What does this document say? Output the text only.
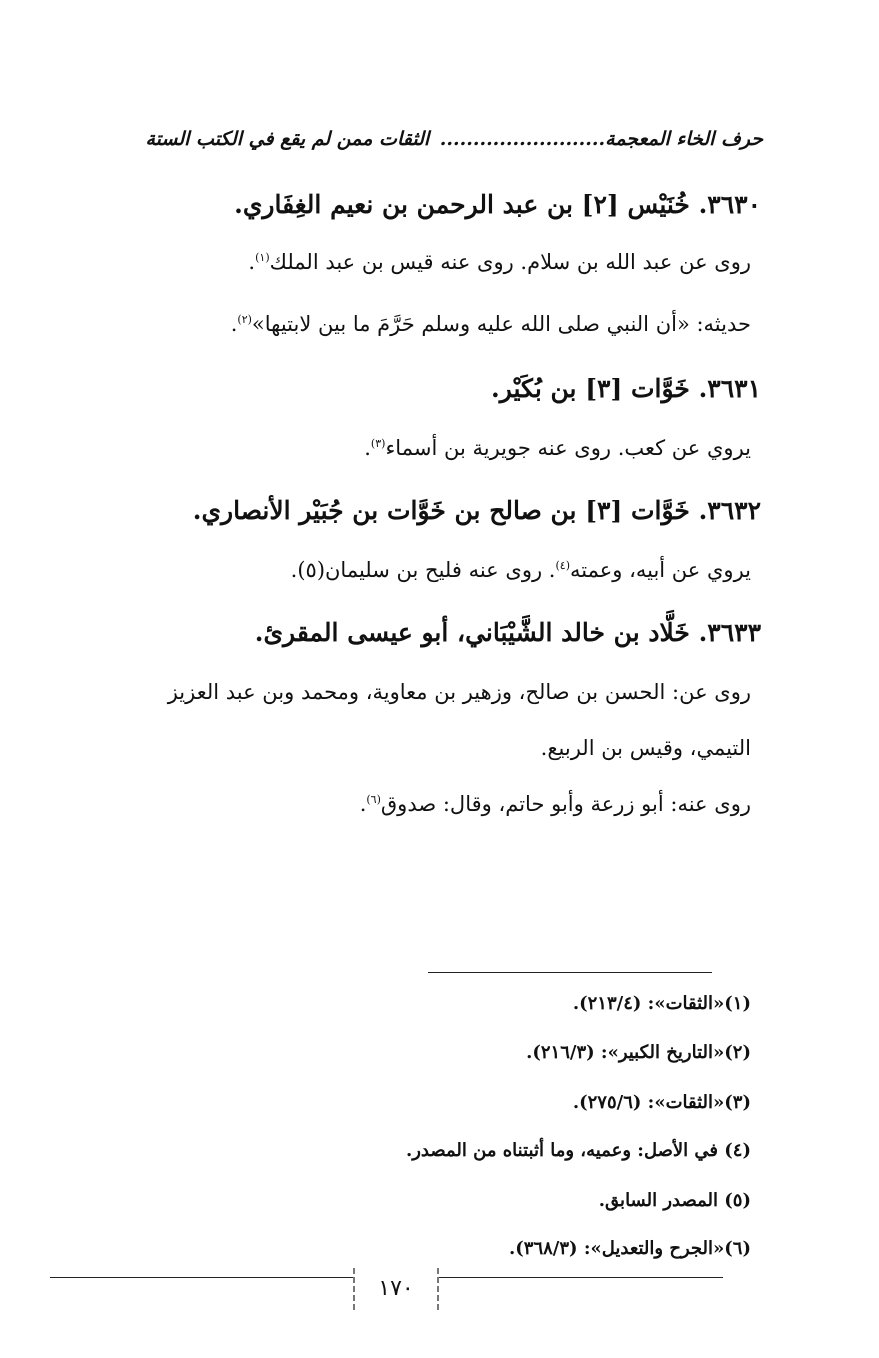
حرف الخاء المعجمة......................... الثقات ممن لم يقع في الكتب الستة
٣٦٣٠. خُنَيْس [٢] بن عبد الرحمن بن نعيم الغِفَاري.
روى عن عبد الله بن سلام. روى عنه قيس بن عبد الملك$^{(١)}$.
حديثه: «أن النبي صلى الله عليه وسلم حَرَّمَ ما بين لابتيها»$^{(٢)}$.
٣٦٣١. خَوَّات [٣] بن بُكَيْر.
يروي عن كعب. روى عنه جويرية بن أسماء$^{(٣)}$.
٣٦٣٢. خَوَّات [٣] بن صالح بن خَوَّات بن جُبَيْر الأنصاري.
يروي عن أبيه، وعمته$^{(٤)}$. روى عنه فليح بن سليمان(٥).
٣٦٣٣. خَلَّاد بن خالد الشَّيْبَاني، أبو عيسى المقرئ.
روى عن: الحسن بن صالح، وزهير بن معاوية، ومحمد وبن عبد العزيز
التيمي، وقيس بن الربيع.
روى عنه: أبو زرعة وأبو حاتم، وقال: صدوق$^{(٦)}$.
(١)«الثقات»: (٢١٣/٤).
(٢)«التاريخ الكبير»: (٢١٦/٣).
(٣)«الثقات»: (٢٧٥/٦).
(٤) في الأصل: وعميه، وما أثبتناه من المصدر.
(٥) المصدر السابق.
(٦)«الجرح والتعديل»: (٣٦٨/٣).
١٧٠
